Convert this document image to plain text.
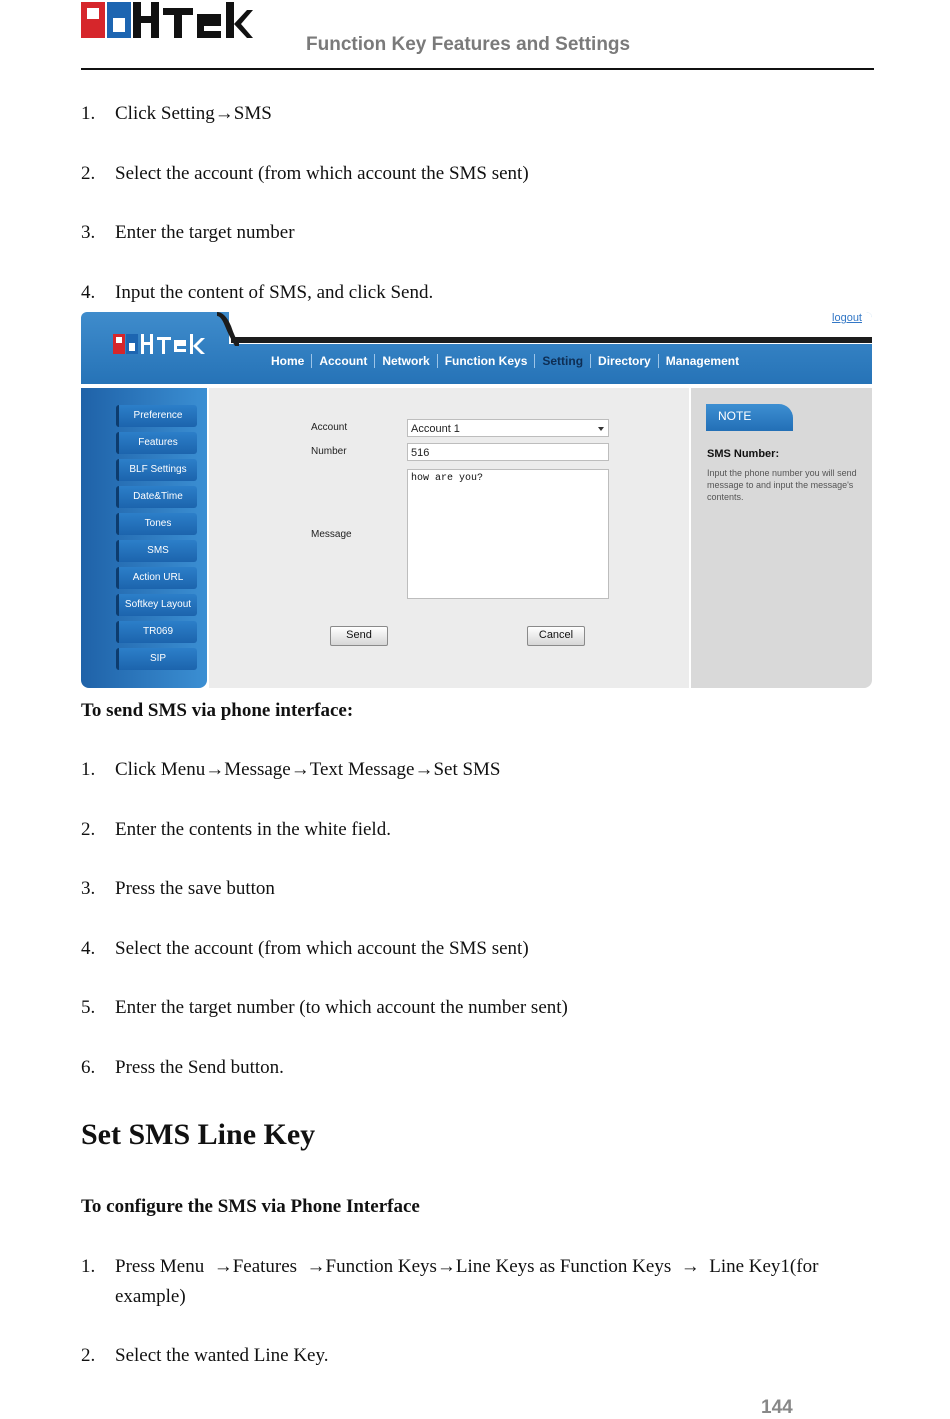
Function Key Features and Settings
1. Click Setting→SMS
2. Select the account (from which account the SMS sent)
3. Enter the target number
4. Input the content of SMS, and click Send.
Home	Account	Network	Function Keys	Setting	Directory	Management
logout
Preference
Features
BLF Settings
Date&Time
Tones
SMS
Action URL
Softkey Layout
TR069
SIP
Account	Account 1
Number	516
Message
how are you?
Send	Cancel
NOTE
SMS Number:
Input the phone number you will send message to and input the message's contents.
To send SMS via phone interface:
1. Click Menu→Message→Text Message→Set SMS
2. Enter the contents in the white field.
3. Press the save button
4. Select the account (from which account the SMS sent)
5. Enter the target number (to which account the number sent)
6. Press the Send button.
Set SMS Line Key
To configure the SMS via Phone Interface
1. Press Menu  →Features  →Function Keys→Line Keys as Function Keys  →  Line Key1(for
example)
2. Select the wanted Line Key.
144
